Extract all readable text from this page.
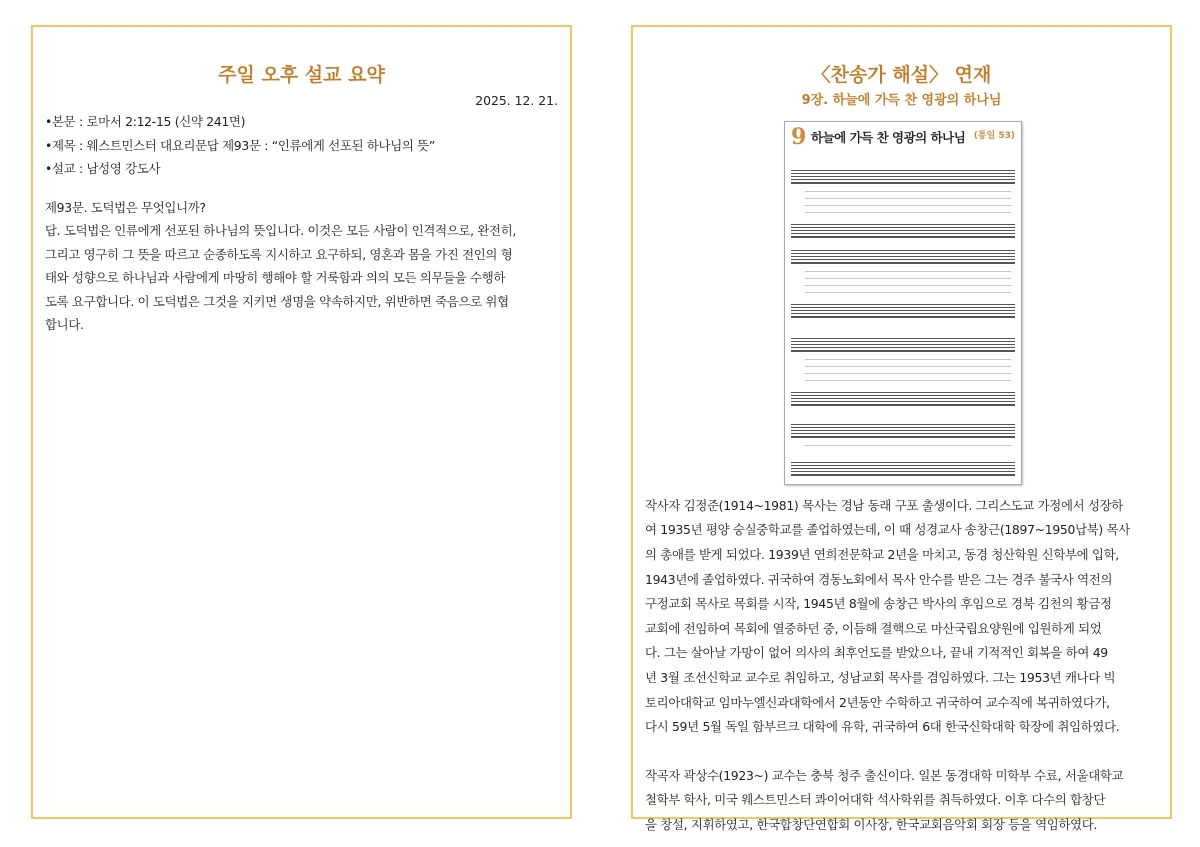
주일 오후 설교 요약
2025. 12. 21.
•본문 : 로마서 2:12-15 (신약 241면)
•제목 : 웨스트민스터 대요리문답 제93문 : “인류에게 선포된 하나님의 뜻”
•설교 : 남성영 강도사
제93문. 도덕법은 무엇입니까?
답. 도덕법은 인류에게 선포된 하나님의 뜻입니다. 이것은 모든 사람이 인격적으로, 완전히,
그리고 영구히 그 뜻을 따르고 순종하도록 지시하고 요구하되, 영혼과 몸을 가진 전인의 형
태와 성향으로 하나님과 사람에게 마땅히 행해야 할 거룩함과 의의 모든 의무들을 수행하
도록 요구합니다. 이 도덕법은 그것을 지키면 생명을 약속하지만, 위반하면 죽음으로 위협
합니다.
〈찬송가 해설〉 연재
9장. 하늘에 가득 찬 영광의 하나님
9 하늘에 가득 찬 영광의 하나님 (통일 53)
작사자 김정준(1914~1981) 목사는 경남 동래 구포 출생이다. 그리스도교 가정에서 성장하
여 1935년 평양 숭실중학교를 졸업하였는데, 이 때 성경교사 송창근(1897~1950납북) 목사
의 총애를 받게 되었다. 1939년 연희전문학교 2년을 마치고, 동경 청산학원 신학부에 입학,
1943년에 졸업하였다. 귀국하여 경동노회에서 목사 안수를 받은 그는 경주 불국사 역전의
구정교회 목사로 목회를 시작, 1945년 8월에 송창근 박사의 후임으로 경북 김천의 황금정
교회에 전임하여 목회에 열중하던 중, 이듬해 결핵으로 마산국립요양원에 입원하게 되었
다. 그는 살아날 가망이 없어 의사의 최후언도를 받았으나, 끝내 기적적인 회복을 하여 49
년 3월 조선신학교 교수로 취임하고, 성남교회 목사를 겸임하였다. 그는 1953년 캐나다 빅
토리아대학교 임마누엘신과대학에서 2년동안 수학하고 귀국하여 교수직에 복귀하였다가,
다시 59년 5월 독일 함부르크 대학에 유학, 귀국하여 6대 한국신학대학 학장에 취임하였다.
작곡자 곽상수(1923~) 교수는 충북 청주 출신이다. 일본 동경대학 미학부 수료, 서울대학교
철학부 학사, 미국 웨스트민스터 콰이어대학 석사학위를 취득하였다. 이후 다수의 합창단
을 창설, 지휘하였고, 한국합창단연합회 이사장, 한국교회음악회 회장 등을 역임하였다.
